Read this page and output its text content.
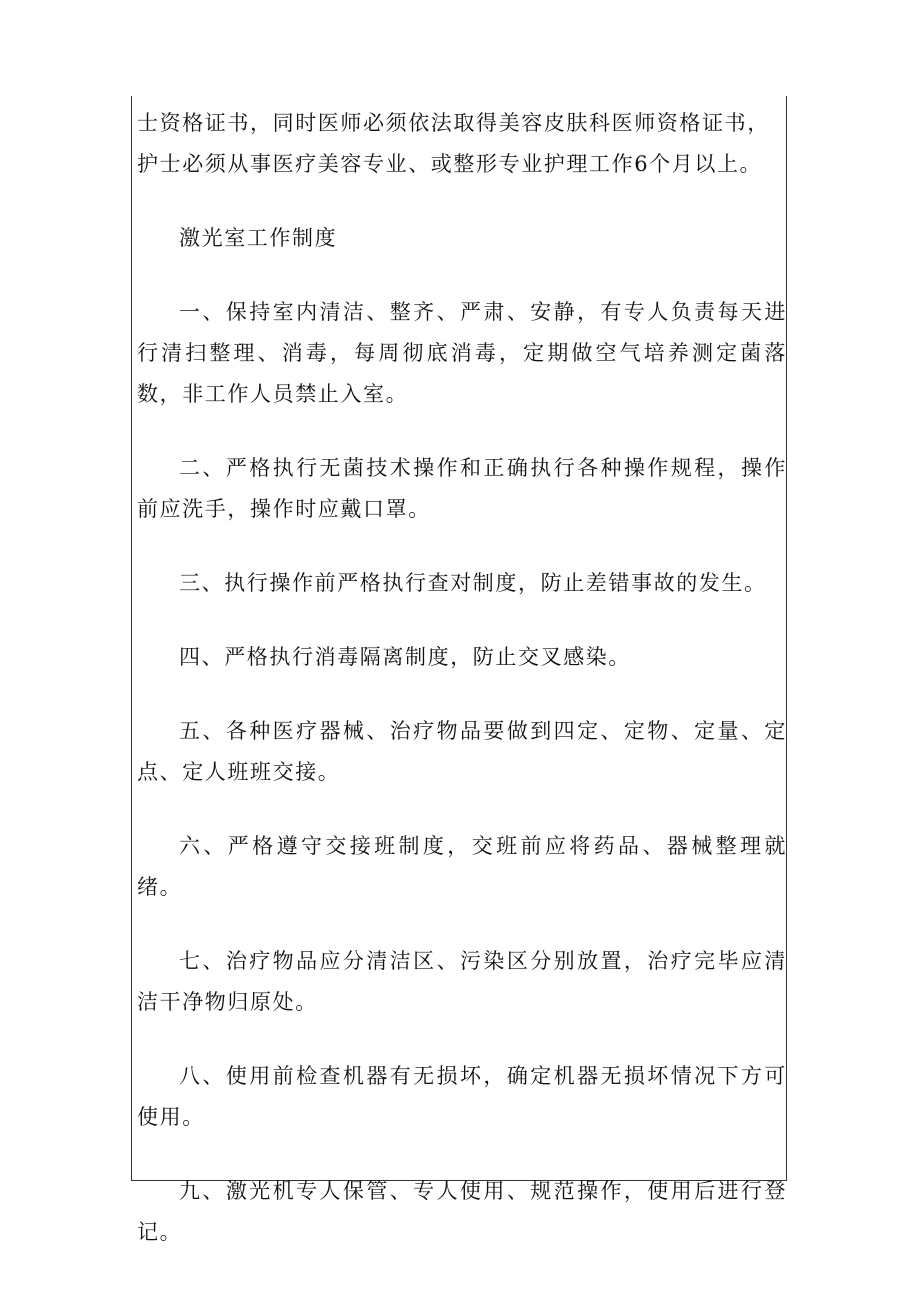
士资格证书，同时医师必须依法取得美容皮肤科医师资格证书，
护士必须从事医疗美容专业、或整形专业护理工作6个月以上。

激光室工作制度

一、保持室内清洁、整齐、严肃、安静，有专人负责每天进行清扫整理、消毒，每周彻底消毒，定期做空气培养测定菌落数，非工作人员禁止入室。

二、严格执行无菌技术操作和正确执行各种操作规程，操作前应洗手，操作时应戴口罩。

三、执行操作前严格执行查对制度，防止差错事故的发生。

四、严格执行消毒隔离制度，防止交叉感染。

五、各种医疗器械、治疗物品要做到四定、定物、定量、定点、定人班班交接。

六、严格遵守交接班制度，交班前应将药品、器械整理就绪。

七、治疗物品应分清洁区、污染区分别放置，治疗完毕应清洁干净物归原处。

八、使用前检查机器有无损坏，确定机器无损坏情况下方可使用。

九、激光机专人保管、专人使用、规范操作，使用后进行登记。
